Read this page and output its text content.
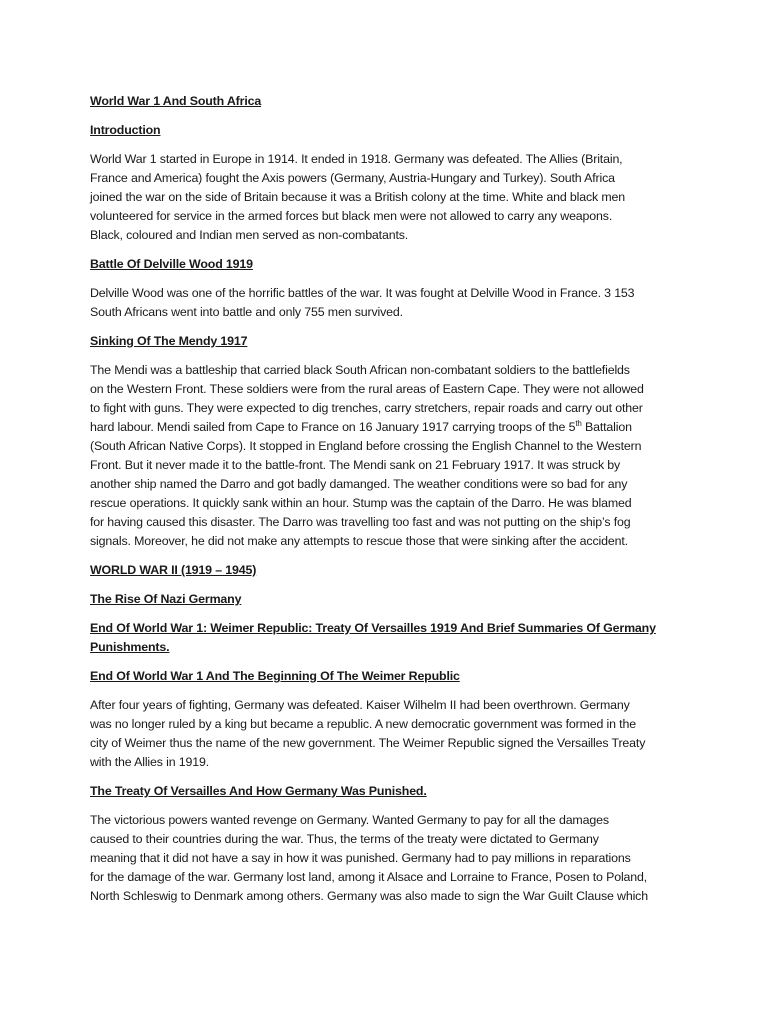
World War 1 And South Africa
Introduction
World War 1 started in Europe in 1914. It ended in 1918. Germany was defeated. The Allies (Britain,
France and America) fought the Axis powers (Germany, Austria-Hungary and Turkey). South Africa
joined the war on the side of Britain because it was a British colony at the time. White and black men
volunteered for service in the armed forces but black men were not allowed to carry any weapons.
Black, coloured and Indian men served as non-combatants.
Battle Of Delville Wood 1919
Delville Wood was one of the horrific battles of the war. It was fought at Delville Wood in France. 3 153
South Africans went into battle and only 755 men survived.
Sinking Of The Mendy 1917
The Mendi was a battleship that carried black South African non-combatant soldiers to the battlefields
on the Western Front. These soldiers were from the rural areas of Eastern Cape. They were not allowed
to fight with guns. They were expected to dig trenches, carry stretchers, repair roads and carry out other
hard labour. Mendi sailed from Cape to France on 16 January 1917 carrying troops of the 5th Battalion
(South African Native Corps). It stopped in England before crossing the English Channel to the Western
Front. But it never made it to the battle-front. The Mendi sank on 21 February 1917. It was struck by
another ship named the Darro and got badly damanged. The weather conditions were so bad for any
rescue operations. It quickly sank within an hour. Stump was the captain of the Darro. He was blamed
for having caused this disaster. The Darro was travelling too fast and was not putting on the ship’s fog
signals. Moreover, he did not make any attempts to rescue those that were sinking after the accident.
WORLD WAR II (1919 – 1945)
The Rise Of Nazi Germany
End Of World War 1: Weimer Republic: Treaty Of Versailles 1919 And Brief Summaries Of Germany
Punishments.
End Of World War 1 And The Beginning Of The Weimer Republic
After four years of fighting, Germany was defeated. Kaiser Wilhelm II had been overthrown. Germany
was no longer ruled by a king but became a republic. A new democratic government was formed in the
city of Weimer thus the name of the new government. The Weimer Republic signed the Versailles Treaty
with the Allies in 1919.
The Treaty Of Versailles And How Germany Was Punished.
The victorious powers wanted revenge on Germany. Wanted Germany to pay for all the damages
caused to their countries during the war. Thus, the terms of the treaty were dictated to Germany
meaning that it did not have a say in how it was punished. Germany had to pay millions in reparations
for the damage of the war. Germany lost land, among it Alsace and Lorraine to France, Posen to Poland,
North Schleswig to Denmark among others. Germany was also made to sign the War Guilt Clause which
